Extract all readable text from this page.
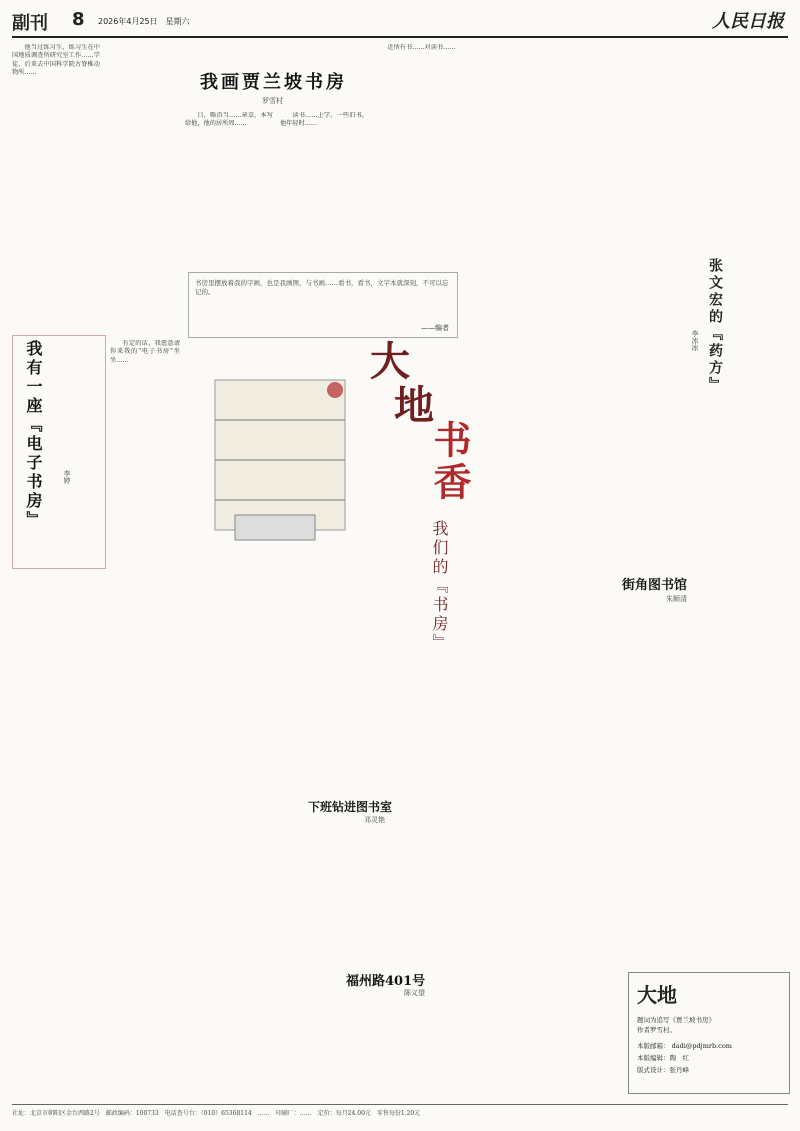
副刊 8 2026年4月25日　星期六	人民日报
我画贾兰坡书房
罗雪村

他当过练习生，练习生在中国地质调查所研究室工作……学徒，后来去中国科学院古脊椎动物所……

日，略沿当……章草，本写给他，他的居所周……

读书……上学，一些旧书。他年轻时……

近所有书……对读书……

书房里摆放着我的字画，也是我画图，与书画……看书，看书，文字本就深刻，不可以忘记的。
——编者
大
地
书香
我们的『书房』
我有一座『电子书房』	李婷

有定的话，我愿意请你来我的“电子书房”坐坐……	张文宏的『药方』
李冰冰
街角图书馆
朱顺清
下班钻进图书室
邓灵艳
福州路401号
陈义望	大地
题词为追写《贾兰坡书房》
作者罗雪村。
本版邮箱： dadi@pdjmrb.com
本版编辑：陶　红
版式设计：张丹峰
社址：北京市朝阳区金台西路2号　邮政编码：100733　电话查号台：（010）65368114　……　印刷厂：……　定价：每月24.00元　零售每份1.20元
